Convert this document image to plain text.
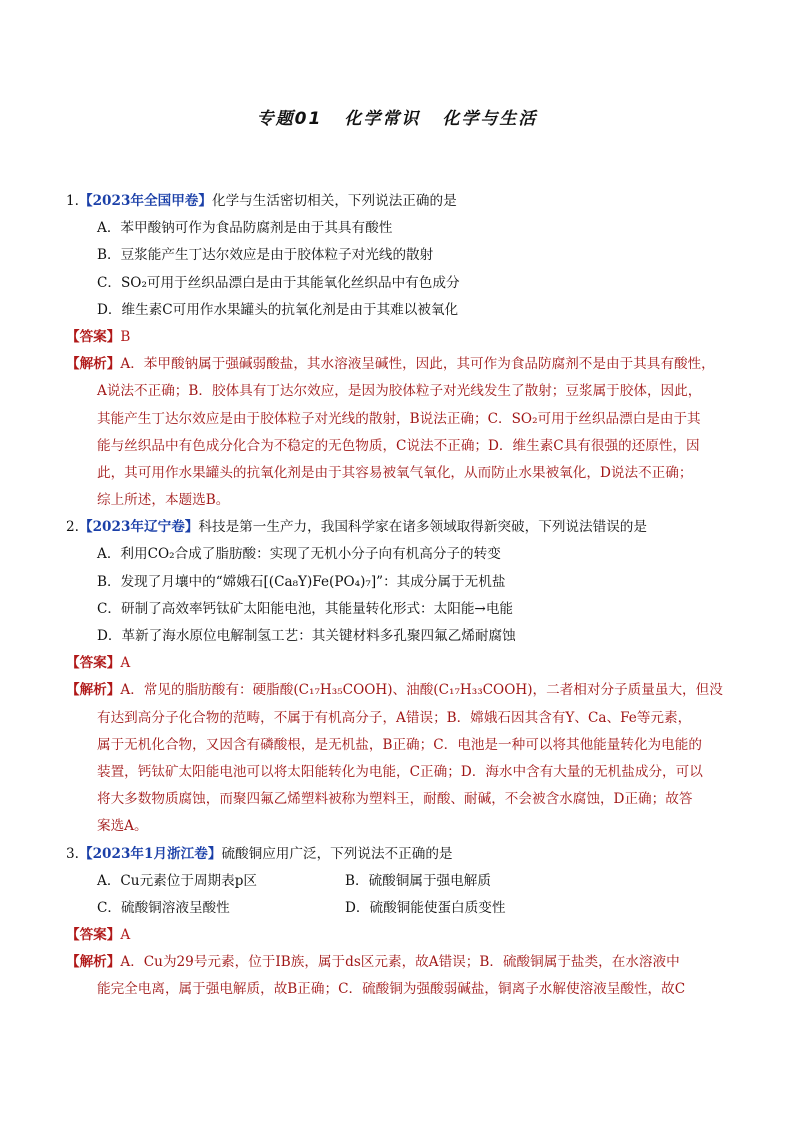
专题01 化学常识 化学与生活
1.【2023年全国甲卷】化学与生活密切相关，下列说法正确的是
A．苯甲酸钠可作为食品防腐剂是由于其具有酸性
B．豆浆能产生丁达尔效应是由于胶体粒子对光线的散射
C．SO₂可用于丝织品漂白是由于其能氧化丝织品中有色成分
D．维生素C可用作水果罐头的抗氧化剂是由于其难以被氧化
【答案】B
【解析】A．苯甲酸钠属于强碱弱酸盐，其水溶液呈碱性，因此，其可作为食品防腐剂不是由于其具有酸性，
A说法不正确；B．胶体具有丁达尔效应，是因为胶体粒子对光线发生了散射；豆浆属于胶体，因此，
其能产生丁达尔效应是由于胶体粒子对光线的散射，B说法正确；C．SO₂可用于丝织品漂白是由于其
能与丝织品中有色成分化合为不稳定的无色物质，C说法不正确；D．维生素C具有很强的还原性，因
此，其可用作水果罐头的抗氧化剂是由于其容易被氧气氧化，从而防止水果被氧化，D说法不正确；
综上所述，本题选B。
2.【2023年辽宁卷】科技是第一生产力，我国科学家在诸多领域取得新突破，下列说法错误的是
A．利用CO₂合成了脂肪酸：实现了无机小分子向有机高分子的转变
B．发现了月壤中的“嫦娥石[(Ca₈Y)Fe(PO₄)₇]”：其成分属于无机盐
C．研制了高效率钙钛矿太阳能电池，其能量转化形式：太阳能→电能
D．革新了海水原位电解制氢工艺：其关键材料多孔聚四氟乙烯耐腐蚀
【答案】A
【解析】A．常见的脂肪酸有：硬脂酸(C₁₇H₃₅COOH)、油酸(C₁₇H₃₃COOH)，二者相对分子质量虽大，但没
有达到高分子化合物的范畴，不属于有机高分子，A错误；B．嫦娥石因其含有Y、Ca、Fe等元素，
属于无机化合物，又因含有磷酸根，是无机盐，B正确；C．电池是一种可以将其他能量转化为电能的
装置，钙钛矿太阳能电池可以将太阳能转化为电能，C正确；D．海水中含有大量的无机盐成分，可以
将大多数物质腐蚀，而聚四氟乙烯塑料被称为塑料王，耐酸、耐碱，不会被含水腐蚀，D正确；故答
案选A。
3.【2023年1月浙江卷】硫酸铜应用广泛，下列说法不正确的是
A．Cu元素位于周期表p区	B．硫酸铜属于强电解质
C．硫酸铜溶液呈酸性	D．硫酸铜能使蛋白质变性
【答案】A
【解析】A．Cu为29号元素，位于IB族，属于ds区元素，故A错误；B．硫酸铜属于盐类，在水溶液中
能完全电离，属于强电解质，故B正确；C．硫酸铜为强酸弱碱盐，铜离子水解使溶液呈酸性，故C
